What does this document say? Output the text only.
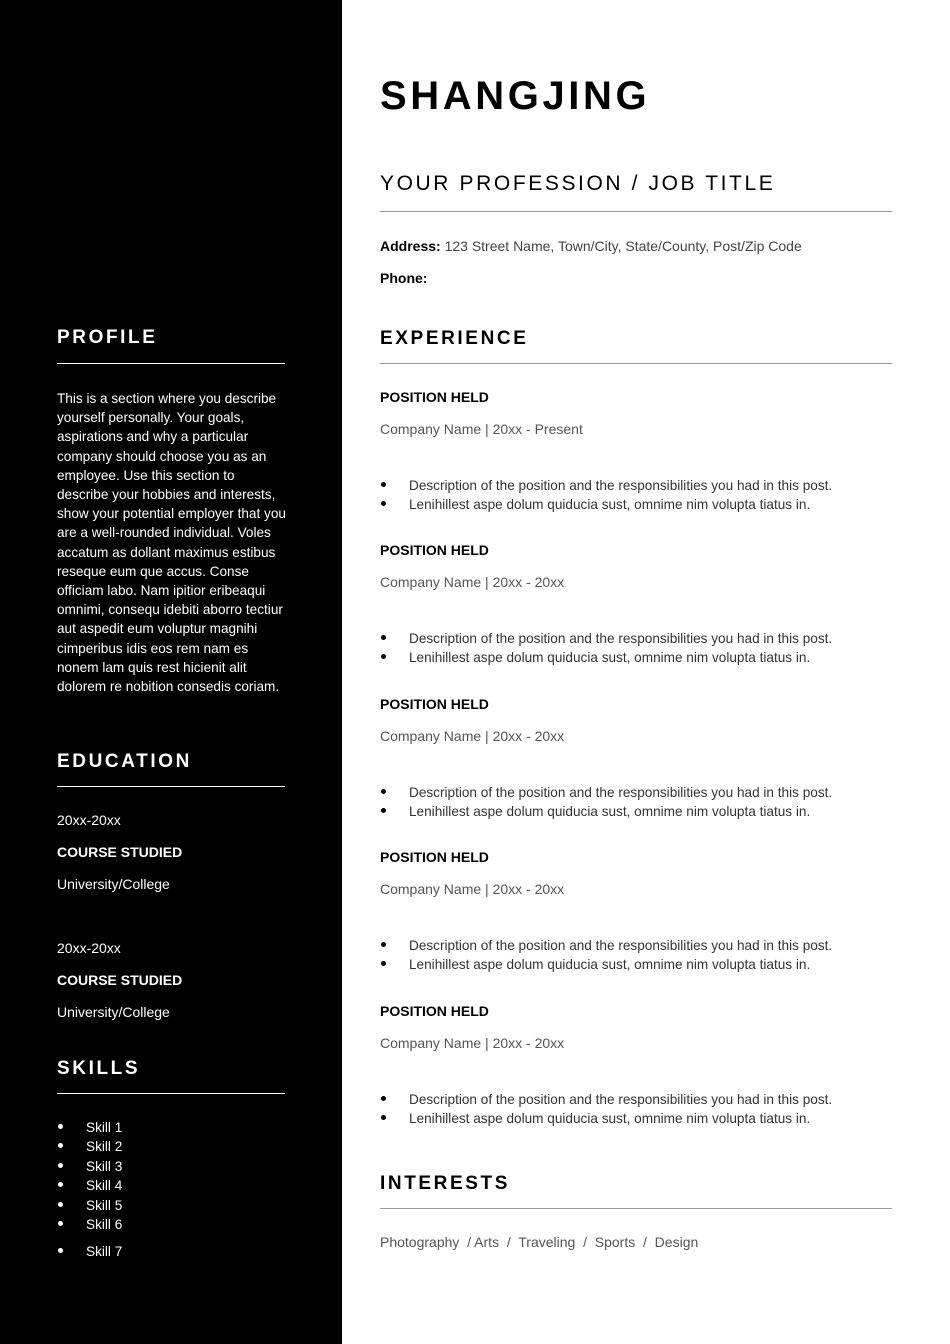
PROFILE
This is a section where you describe yourself personally. Your goals, aspirations and why a particular company should choose you as an employee. Use this section to describe your hobbies and interests, show your potential employer that you are a well-rounded individual. Voles accatum as dollant maximus estibus reseque eum que accus. Conse officiam labo. Nam ipitior eribeaqui omnimi, consequ idebiti aborro tectiur aut aspedit eum voluptur magnihi cimperibus idis eos rem nam es nonem lam quis rest hicienit alit dolorem re nobition consedis coriam.
EDUCATION
20xx-20xx
COURSE STUDIED
University/College
20xx-20xx
COURSE STUDIED
University/College
SKILLS
Skill 1
Skill 2
Skill 3
Skill 4
Skill 5
Skill 6
Skill 7
SHANGJING
YOUR PROFESSION / JOB TITLE
Address: 123 Street Name, Town/City, State/County, Post/Zip Code
Phone:
EXPERIENCE
POSITION HELD
Company Name | 20xx - Present
Description of the position and the responsibilities you had in this post.
Lenihillest aspe dolum quiducia sust, omnime nim volupta tiatus in.
POSITION HELD
Company Name | 20xx - 20xx
Description of the position and the responsibilities you had in this post.
Lenihillest aspe dolum quiducia sust, omnime nim volupta tiatus in.
POSITION HELD
Company Name | 20xx - 20xx
Description of the position and the responsibilities you had in this post.
Lenihillest aspe dolum quiducia sust, omnime nim volupta tiatus in.
POSITION HELD
Company Name | 20xx - 20xx
Description of the position and the responsibilities you had in this post.
Lenihillest aspe dolum quiducia sust, omnime nim volupta tiatus in.
POSITION HELD
Company Name | 20xx - 20xx
Description of the position and the responsibilities you had in this post.
Lenihillest aspe dolum quiducia sust, omnime nim volupta tiatus in.
INTERESTS
Photography  / Arts  /  Traveling  /  Sports  /  Design
